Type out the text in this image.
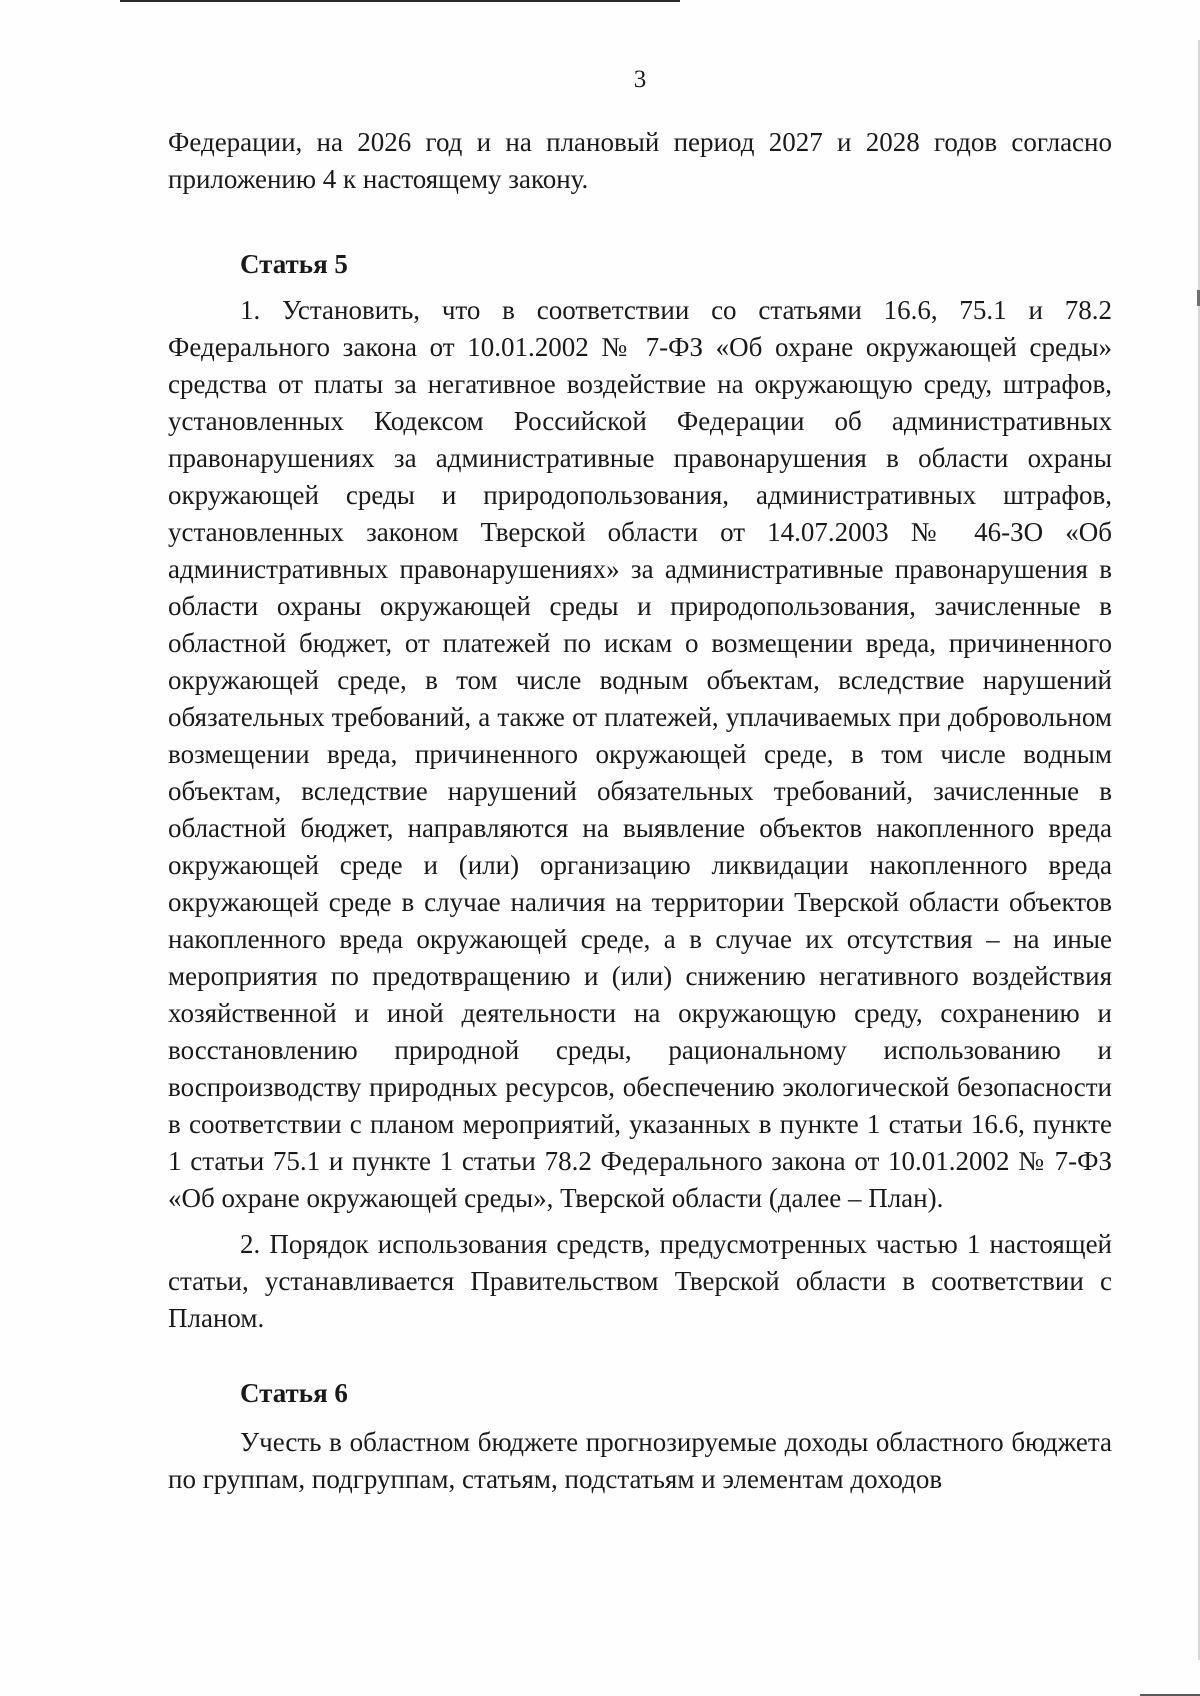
3

Федерации, на 2026 год и на плановый период 2027 и 2028 годов согласно приложению 4 к настоящему закону.

Статья 5

1. Установить, что в соответствии со статьями 16.6, 75.1 и 78.2 Федерального закона от 10.01.2002 № 7-ФЗ «Об охране окружающей среды» средства от платы за негативное воздействие на окружающую среду, штрафов, установленных Кодексом Российской Федерации об административных правонарушениях за административные правонарушения в области охраны окружающей среды и природопользования, административных штрафов, установленных законом Тверской области от 14.07.2003 № 46-ЗО «Об административных правонарушениях» за административные правонарушения в области охраны окружающей среды и природопользования, зачисленные в областной бюджет, от платежей по искам о возмещении вреда, причиненного окружающей среде, в том числе водным объектам, вследствие нарушений обязательных требований, а также от платежей, уплачиваемых при добровольном возмещении вреда, причиненного окружающей среде, в том числе водным объектам, вследствие нарушений обязательных требований, зачисленные в областной бюджет, направляются на выявление объектов накопленного вреда окружающей среде и (или) организацию ликвидации накопленного вреда окружающей среде в случае наличия на территории Тверской области объектов накопленного вреда окружающей среде, а в случае их отсутствия – на иные мероприятия по предотвращению и (или) снижению негативного воздействия хозяйственной и иной деятельности на окружающую среду, сохранению и восстановлению природной среды, рациональному использованию и воспроизводству природных ресурсов, обеспечению экологической безопасности в соответствии с планом мероприятий, указанных в пункте 1 статьи 16.6, пункте 1 статьи 75.1 и пункте 1 статьи 78.2 Федерального закона от 10.01.2002 № 7-ФЗ «Об охране окружающей среды», Тверской области (далее – План).

2. Порядок использования средств, предусмотренных частью 1 настоящей статьи, устанавливается Правительством Тверской области в соответствии с Планом.

Статья 6

Учесть в областном бюджете прогнозируемые доходы областного бюджета по группам, подгруппам, статьям, подстатьям и элементам доходов
